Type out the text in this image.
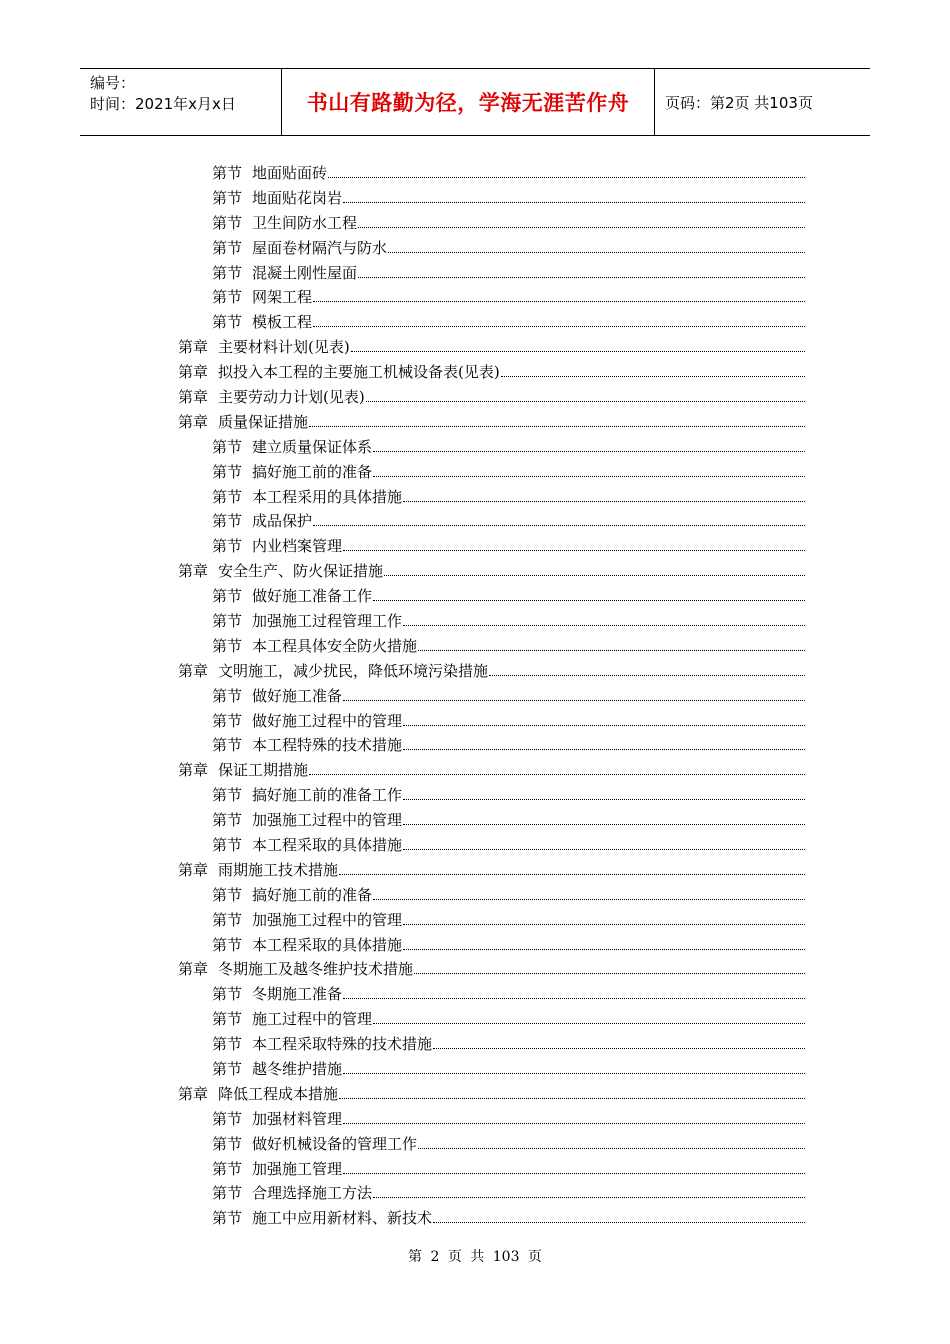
编号：
时间：2021年x月x日	书山有路勤为径，学海无涯苦作舟 页码：第2页 共103页
第节 地面贴面砖
第节 地面贴花岗岩
第节 卫生间防水工程
第节 屋面卷材隔汽与防水
第节 混凝土刚性屋面
第节 网架工程
第节 模板工程
第章 主要材料计划(见表)
第章 拟投入本工程的主要施工机械设备表(见表)
第章 主要劳动力计划(见表)
第章 质量保证措施
第节 建立质量保证体系
第节 搞好施工前的准备
第节 本工程采用的具体措施
第节 成品保护
第节 内业档案管理
第章 安全生产、防火保证措施
第节 做好施工准备工作
第节 加强施工过程管理工作
第节 本工程具体安全防火措施
第章 文明施工，减少扰民，降低环境污染措施
第节 做好施工准备
第节 做好施工过程中的管理
第节 本工程特殊的技术措施
第章 保证工期措施
第节 搞好施工前的准备工作
第节 加强施工过程中的管理
第节 本工程采取的具体措施
第章 雨期施工技术措施
第节 搞好施工前的准备
第节 加强施工过程中的管理
第节 本工程采取的具体措施
第章 冬期施工及越冬维护技术措施
第节 冬期施工准备
第节 施工过程中的管理
第节 本工程采取特殊的技术措施
第节 越冬维护措施
第章 降低工程成本措施
第节 加强材料管理
第节 做好机械设备的管理工作
第节 加强施工管理
第节 合理选择施工方法
第节 施工中应用新材料、新技术
第 2 页 共 103 页
